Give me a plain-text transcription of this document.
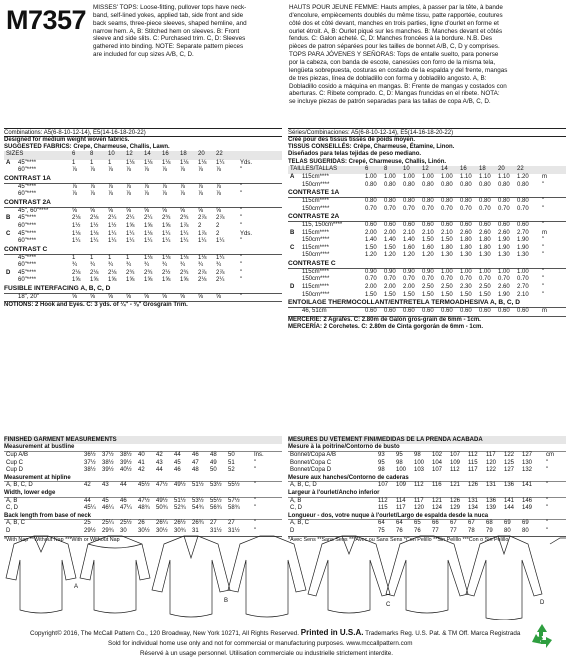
M7357 MISSES' TOPS: Loose-fitting, pullover tops have neck-
band, self-lined yokes, applied tab, side front and side
back seams, three-piece sleeves, shaped hemline, and
narrow hem. A, B: Stitched hem on sleeves. B: Front
sleeve and side slits. C: Purchased trim. C, D: Sleeves
gathered into binding. NOTE: Separate pattern pieces
are included for cup sizes A/B, C, D.
HAUTS POUR JEUNE FEMME: Hauts amples, à passer par la tête, à bande
d'encolure, empiècements doublés du même tissu, patte rapportée, coutures
côté dos et côté devant, manches en trois parties, ligne d'ourlet en forme et
ourlet étroit. A, B: Ourlet piqué sur les manches. B: Manches devant et côtés
fendus. C: Galon acheté. C, D: Manches froncées à la bordure. N.B. Des
pièces de patron séparées pour les tailles de bonnet A/B, C, D y comprises.
TOPS PARA JÓVENES Y SEÑORAS: Tops de entalle suelto, para ponerse
por la cabeza, con banda de escote, canesúes con forro de la misma tela,
lengüeta sobrepuesta, costuras en costado de la espalda y del frente, mangas
de tres piezas, línea de dobladillo con forma y dobladillo angosto. A, B:
Dobladillo cosido a máquina en mangas. B: Frente de mangas y costados con
aberturas. C: Ribete comprado. C, D: Mangas fruncidas en el ribete. NOTA:
se incluye piezas de patrón separadas para las tallas de copa A/B, C, D.
Combinations: A5(6-8-10-12-14), E5(14-16-18-20-22)
Designed for medium weight woven fabrics.
SUGGESTED FABRICS: Crepe, Charmeuse, Challis, Lawn.
SIZES	6 8 10 12 14 16 18 20 22
A 45"****	1 1 1 1⅛ 1⅛ 1⅛ 1⅛ 1⅛ 1¼	Yds.
60"****	⅞ ⅞ ⅞ ⅞ ⅞ ⅞ ⅞ ⅞ ⅞	"
CONTRAST 1A
45"****	⅞ ⅞ ⅞ ⅞ ⅞ ⅞ ⅞ ⅞ ⅞	"
60"****	⅞ ⅞ ⅞ ⅞ ⅞ ⅞ ⅞ ⅞ ⅞	"
CONTRAST 2A
45", 60"****	⅝ ⅝ ⅝ ⅝ ⅝ ⅝ ⅝ ⅝ ⅝	"
B 45"****	2⅛ 2⅛ 2¼ 2¼ 2¼ 2¾ 2¾ 2⅞ 2⅞	"
60"****	1½ 1½ 1½ 1⅝ 1⅝ 1⅝ 1⅞ 2 2	"
C 45"****	1⅛ 1⅛ 1¼ 1¼ 1⅛ 1¼ 1¼ 1⅞ 2	Yds.
60"****	1¼ 1¼ 1¼ 1¼ 1¼ 1¼ 1¼ 1¼ 1¼	"
CONTRAST C
45"****	1 1 1 1 1⅛ 1⅛ 1⅛ 1⅛ 1¼	"
60"****	¾ ¾ ¾ ¾ ¾ ¾ ¾ ¾ ¾	"
D 45"****	2⅛ 2⅛ 2⅛ 2¾ 2¾ 2½ 2¾ 2⅞ 2⅞	"
60"****	1⅝ 1⅝ 1⅝ 1⅝ 1⅝ 1⅝ 1⅝ 2⅛ 2¼	"
FUSIBLE INTERFACING A, B, C, D
18", 20"	⅝ ⅝ ⅝ ⅝ ⅝ ⅝ ⅝ ⅝ ⅝	"
NOTIONS: 2 Hook and Eyes. C: 3 yds. of ¼" - ⅜" Grosgrain Trim.
Séries/Combinaciones: A5(6-8-10-12-14), E5(14-16-18-20-22)
Créé pour des tissus tissés de poids moyen.
TISSUS CONSEILLÉS: Crêpe, Charmeuse, Étamine, Linon.
Diseñados para telas tejidas de peso mediano.
TELAS SUGERIDAS: Crepé, Charmeuse, Challis, Linón.
TAILLES/TALLAS	6	8	10 12 14 16 18 20 22
A 115cm****	1.00 1.00 1.00 1.00 1.00 1.10 1.10 1.10 1.20 m
150cm****	0.80 0.80 0.80 0.80 0.80 0.80 0.80 0.80 0.80 "
CONTRASTE 1A
115cm****	0.80 0.80 0.80 0.80 0.80 0.80 0.80 0.80 0.80 "
150cm****	0.70 0.70 0.70 0.70 0.70 0.70 0.70 0.70 0.70 "
CONTRASTE 2A
115, 150cm****	0.60 0.60 0.60 0.60 0.60 0.60 0.60 0.60 0.60 "
B 115cm****	2.00 2.00 2.10 2.10 2.10 2.60 2.60 2.60 2.70 m
150cm****	1.40 1.40 1.40 1.50 1.50 1.80 1.80 1.90 1.90 "
C 115cm****	1.50 1.50 1.60 1.60 1.80 1.80 1.80 1.90 1.90 "
150cm****	1.20 1.20 1.20 1.20 1.30 1.30 1.30 1.30 1.30 "
CONTRASTE C
115cm****	0.90 0.90 0.90 0.90 1.00 1.00 1.00 1.00 1.00 "
150cm****	0.70 0.70 0.70 0.70 0.70 0.70 0.70 0.70 0.70 "
D 115cm****	2.00 2.00 2.00 2.50 2.50 2.30 2.50 2.60 2.70 "
150cm****	1.50 1.50 1.50 1.50 1.50 1.50 1.50 1.90 2.10 "
ENTOILAGE THERMOCOLLANT/ENTRETELA TERMOADHESIVA A, B, C, D
46, 51cm	0.60 0.60 0.60 0.60 0.60 0.60 0.60 0.60 0.60 m
MERCERIE: 2 Agrafes. C: 2.80m de Galon gros-grain de 6mm - 1cm.
MERCERÍA: 2 Corchetes. C: 2.80m de Cinta gorgorán de 6mm - 1cm.
FINISHED GARMENT MEASUREMENTS
Measurement at bustline
Cup A/B	36½ 37½ 38½ 40 42 44 46 48 50	Ins.
Cup C	37½ 38½ 39½ 41 43 45 47 49 51	"
Cup D	38½ 39½ 40½ 42 44 46 48 50 52	"
Measurement at hipline
A, B, C, D	42 43 44 45½ 47½ 49½ 51½ 53½ 55½ "
Width, lower edge
A, B	44 45 46 47½ 49½ 51½ 53½ 55½ 57½ "
C, D	45¼ 46¼ 47¼ 48¾ 50¾ 52¾ 54¾ 56¾ 58¾ "
Back length from base of neck
A, B, C	25 25¼ 25½ 26 26¼ 26½ 26¾ 27 27	"
D	29½ 29¾ 30 30½ 30½ 30¾ 31 31½ 31½ "
*With Nap **Without Nap ***With or Without Nap
MESURES DU VÊTEMENT FINI/MEDIDAS DE LA PRENDA ACABADA
Mesure à la poitrine/Contorno de busto
Bonnet/Copa A/B	93 95 98 102 107 112 117 122 127 cm
Bonnet/Copa C	95 98 100 104 109 115 120 125 130 "
Bonnet/Copa D	98 100 103 107 112 117 122 127 132 "
Mesure aux hanches/Contorno de caderas
A, B, C, D	107 109 112 116 121 126 131 136 141 "
Largeur à l'ourlet/Ancho inferior
A, B	112 114 117 121 126 131 136 141 146 "
C, D	115 117 120 124 129 134 139 144 149 "
Longueur - dos, votre nuque à l'ourlet/Largo de espalda desde la nuca
A, B, C	64 64 65 66 67 67 68 69 69	"
D	75 76 76 77 77 78 79 80 80	"
*Avec Sens **Sans Sens ***Avec ou Sans Sens *Con Pelillo **Sin Pelillo ***Con o Sin Pelillo
A
B
C	D
Copyright© 2016, The McCall Pattern Co., 120 Broadway, New York 10271, All Rights Reserved. Printed in U.S.A. Trademarks Reg. U.S. Pat. & TM Off. Marca Registrada
Sold for individual home use only and not for commercial or manufacturing purposes. www.mccallpattern.com
Réservé à un usage personnel. Utilisation commerciale ou industrielle strictement interdite.
